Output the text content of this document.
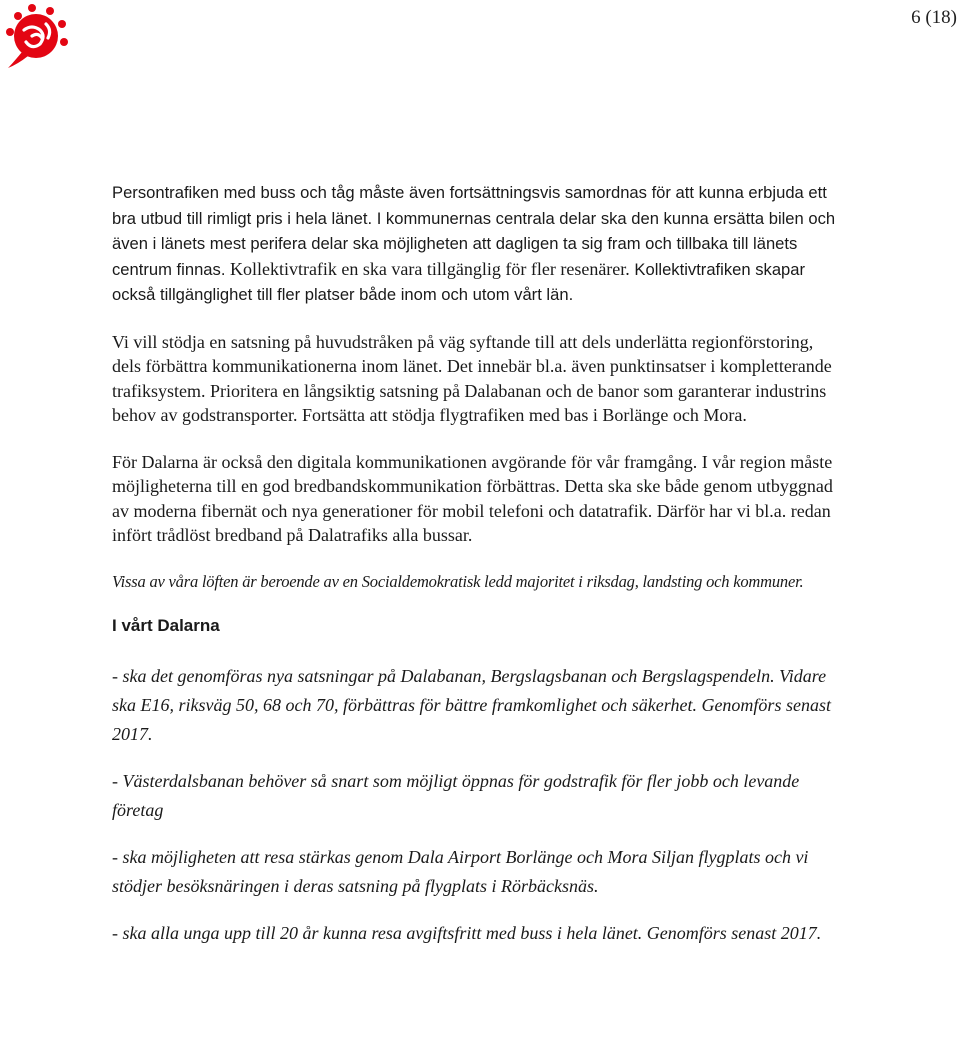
6 (18)

Persontrafiken med buss och tåg måste även fortsättningsvis samordnas för att kunna erbjuda ett bra utbud till rimligt pris i hela länet. I kommunernas centrala delar ska den kunna ersätta bilen och även i länets mest perifera delar ska möjligheten att dagligen ta sig fram och tillbaka till länets centrum finnas. Kollektivtrafik en ska vara tillgänglig för fler resenärer. Kollektivtrafiken skapar också tillgänglighet till fler platser både inom och utom vårt län.

Vi vill stödja en satsning på huvudstråken på väg syftande till att dels underlätta regionförstoring, dels förbättra kommunikationerna inom länet. Det innebär bl.a. även punktinsatser i kompletterande trafiksystem. Prioritera en långsiktig satsning på Dalabanan och de banor som garanterar industrins behov av godstransporter. Fortsätta att stödja flygtrafiken med bas i Borlänge och Mora.

För Dalarna är också den digitala kommunikationen avgörande för vår framgång. I vår region måste möjligheterna till en god bredbandskommunikation förbättras. Detta ska ske både genom utbyggnad av moderna fibernät och nya generationer för mobil telefoni och datatrafik. Därför har vi bl.a. redan infört trådlöst bredband på Dalatrafiks alla bussar.

Vissa av våra löften är beroende av en Socialdemokratisk ledd majoritet i riksdag, landsting och kommuner.

I vårt Dalarna

- ska det genomföras nya satsningar på Dalabanan, Bergslagsbanan och Bergslagspendeln. Vidare ska E16, riksväg 50, 68 och 70, förbättras för bättre framkomlighet och säkerhet. Genomförs senast 2017.

- Västerdalsbanan behöver så snart som möjligt öppnas för godstrafik för fler jobb och levande företag

- ska möjligheten att resa stärkas genom Dala Airport Borlänge och Mora Siljan flygplats och vi stödjer besöksnäringen i deras satsning på flygplats i Rörbäcksnäs.

- ska alla unga upp till 20 år kunna resa avgiftsfritt med buss i hela länet. Genomförs senast 2017.
